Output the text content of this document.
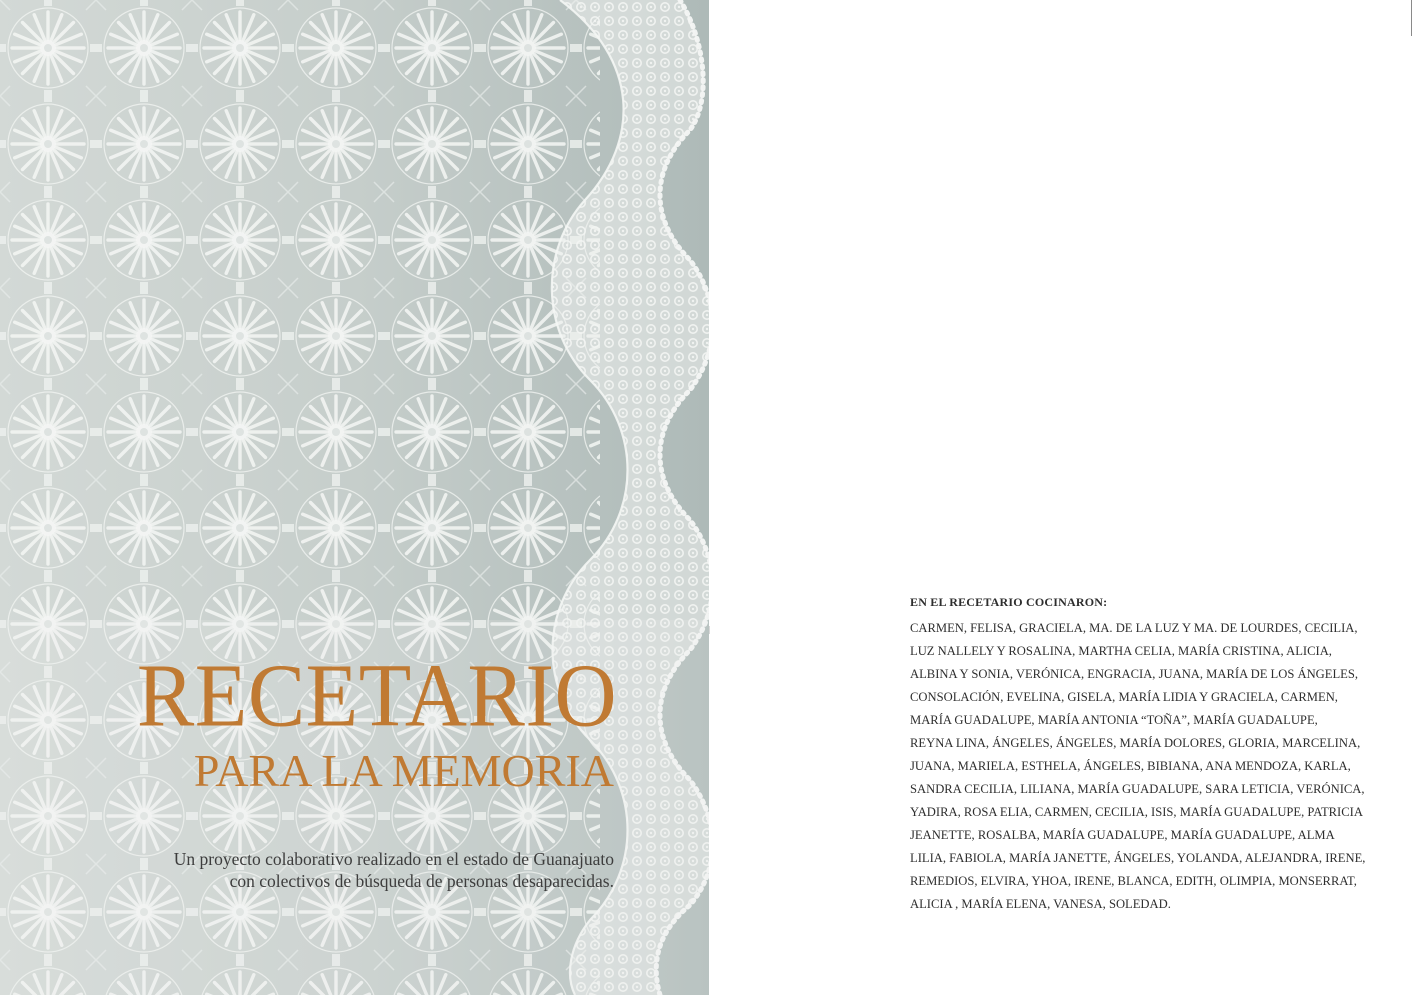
RECETARIO
PARA LA MEMORIA
Un proyecto colaborativo realizado en el estado de Guanajuato
con colectivos de búsqueda de personas desaparecidas.
EN EL RECETARIO COCINARON:
CARMEN, FELISA, GRACIELA, MA. DE LA LUZ Y MA. DE LOURDES, CECILIA,
LUZ NALLELY Y ROSALINA, MARTHA CELIA, MARÍA CRISTINA, ALICIA,
ALBINA Y SONIA, VERÓNICA, ENGRACIA, JUANA, MARÍA DE LOS ÁNGELES,
CONSOLACIÓN, EVELINA, GISELA, MARÍA LIDIA Y GRACIELA, CARMEN,
MARÍA GUADALUPE, MARÍA ANTONIA “TOÑA”, MARÍA GUADALUPE,
REYNA LINA, ÁNGELES, ÁNGELES, MARÍA DOLORES, GLORIA, MARCELINA,
JUANA, MARIELA, ESTHELA, ÁNGELES, BIBIANA, ANA MENDOZA, KARLA,
SANDRA CECILIA, LILIANA, MARÍA GUADALUPE, SARA LETICIA, VERÓNICA,
YADIRA, ROSA ELIA, CARMEN, CECILIA, ISIS, MARÍA GUADALUPE, PATRICIA
JEANETTE, ROSALBA, MARÍA GUADALUPE, MARÍA GUADALUPE, ALMA
LILIA, FABIOLA, MARÍA JANETTE, ÁNGELES, YOLANDA, ALEJANDRA, IRENE,
REMEDIOS, ELVIRA, YHOA, IRENE, BLANCA, EDITH, OLIMPIA, MONSERRAT,
ALICIA , MARÍA ELENA, VANESA, SOLEDAD.
